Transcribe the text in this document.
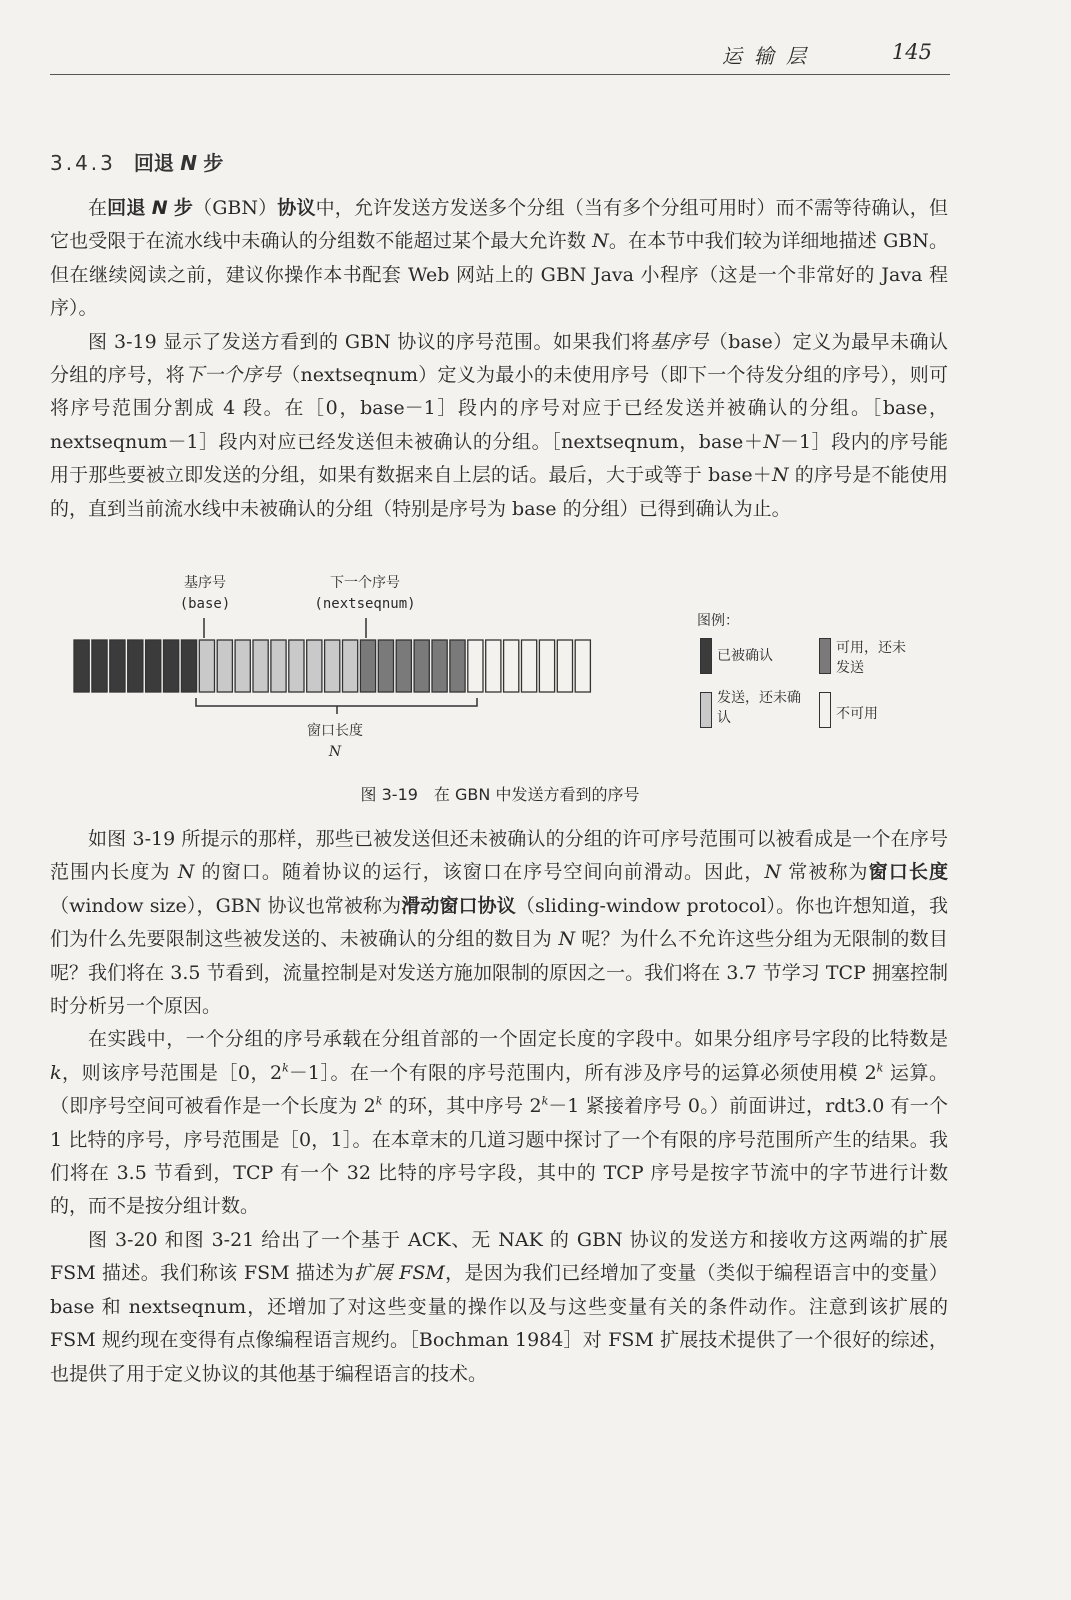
运输层	145
3.4.3 回退 N 步

在回退 N 步（GBN）协议中，允许发送方发送多个分组（当有多个分组可用时）而不需等待确认，但它也受限于在流水线中未确认的分组数不能超过某个最大允许数 N。在本节中我们较为详细地描述 GBN。但在继续阅读之前，建议你操作本书配套 Web 网站上的 GBN Java 小程序（这是一个非常好的 Java 程序）。

图 3-19 显示了发送方看到的 GBN 协议的序号范围。如果我们将基序号（base）定义为最早未确认分组的序号，将下一个序号（nextseqnum）定义为最小的未使用序号（即下一个待发分组的序号），则可将序号范围分割成 4 段。在［0，base－1］段内的序号对应于已经发送并被确认的分组。［base，nextseqnum－1］段内对应已经发送但未被确认的分组。［nextseqnum，base＋N－1］段内的序号能用于那些要被立即发送的分组，如果有数据来自上层的话。最后，大于或等于 base＋N 的序号是不能使用的，直到当前流水线中未被确认的分组（特别是序号为 base 的分组）已得到确认为止。

基序号
(base)
下一个序号
(nextseqnum)
窗口长度
N
图例：
已被确认	可用，还未发送
发送，还未确认	不可用
图 3-19　在 GBN 中发送方看到的序号

如图 3-19 所提示的那样，那些已被发送但还未被确认的分组的许可序号范围可以被看成是一个在序号范围内长度为 N 的窗口。随着协议的运行，该窗口在序号空间向前滑动。因此，N 常被称为窗口长度（window size），GBN 协议也常被称为滑动窗口协议（sliding-window protocol）。你也许想知道，我们为什么先要限制这些被发送的、未被确认的分组的数目为 N 呢？为什么不允许这些分组为无限制的数目呢？我们将在 3.5 节看到，流量控制是对发送方施加限制的原因之一。我们将在 3.7 节学习 TCP 拥塞控制时分析另一个原因。

在实践中，一个分组的序号承载在分组首部的一个固定长度的字段中。如果分组序号字段的比特数是 k，则该序号范围是［0，$2^k-1]$。在一个有限的序号范围内，所有涉及序号的运算必须使用模 2$^k$ 运算。（即序号空间可被看作是一个长度为 2$^k$ 的环，其中序号 $2^k-1$ 紧接着序号 0。）前面讲过，rdt3.0 有一个 1 比特的序号，序号范围是［0，1］。在本章末的几道习题中探讨了一个有限的序号范围所产生的结果。我们将在 3.5 节看到，TCP 有一个 32 比特的序号字段，其中的 TCP 序号是按字节流中的字节进行计数的，而不是按分组计数。

图 3-20 和图 3-21 给出了一个基于 ACK、无 NAK 的 GBN 协议的发送方和接收方这两端的扩展 FSM 描述。我们称该 FSM 描述为扩展 FSM，是因为我们已经增加了变量（类似于编程语言中的变量）base 和 nextseqnum，还增加了对这些变量的操作以及与这些变量有关的条件动作。注意到该扩展的 FSM 规约现在变得有点像编程语言规约。［Bochman 1984］对 FSM 扩展技术提供了一个很好的综述，也提供了用于定义协议的其他基于编程语言的技术。
